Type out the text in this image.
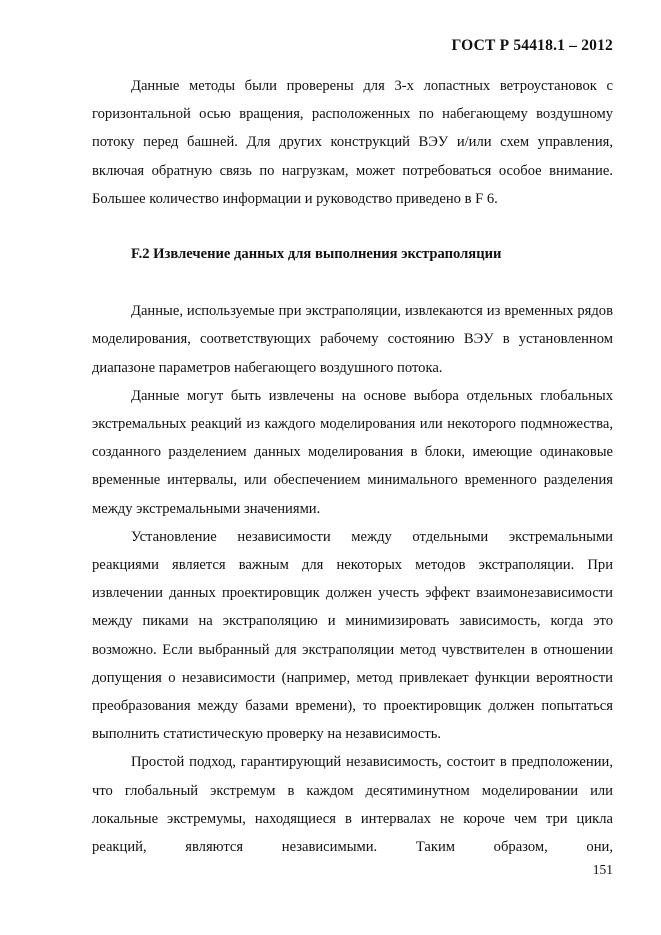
ГОСТ Р 54418.1 – 2012

Данные методы были проверены для 3-х лопастных ветроустановок с горизонтальной осью вращения, расположенных по набегающему воздушному потоку перед башней. Для других конструкций ВЭУ и/или схем управления, включая обратную связь по нагрузкам, может потребоваться особое внимание. Большее количество информации и руководство приведено в F 6.

F.2 Извлечение данных для выполнения экстраполяции

Данные, используемые при экстраполяции, извлекаются из временных рядов моделирования, соответствующих рабочему состоянию ВЭУ в установленном диапазоне параметров набегающего воздушного потока.

Данные могут быть извлечены на основе выбора отдельных глобальных экстремальных реакций из каждого моделирования или некоторого подмножества, созданного разделением данных моделирования в блоки, имеющие одинаковые временные интервалы, или обеспечением минимального временного разделения между экстремальными значениями.

Установление независимости между отдельными экстремальными реакциями является важным для некоторых методов экстраполяции. При извлечении данных проектировщик должен учесть эффект взаимонезависимости между пиками на экстраполяцию и минимизировать зависимость, когда это возможно. Если выбранный для экстраполяции метод чувствителен в отношении допущения о независимости (например, метод привлекает функции вероятности преобразования между базами времени), то проектировщик должен попытаться выполнить статистическую проверку на независимость.

Простой подход, гарантирующий независимость, состоит в предположении, что глобальный экстремум в каждом десятиминутном моделировании или локальные экстремумы, находящиеся в интервалах не короче чем три цикла реакций, являются независимыми. Таким образом, они,

151
